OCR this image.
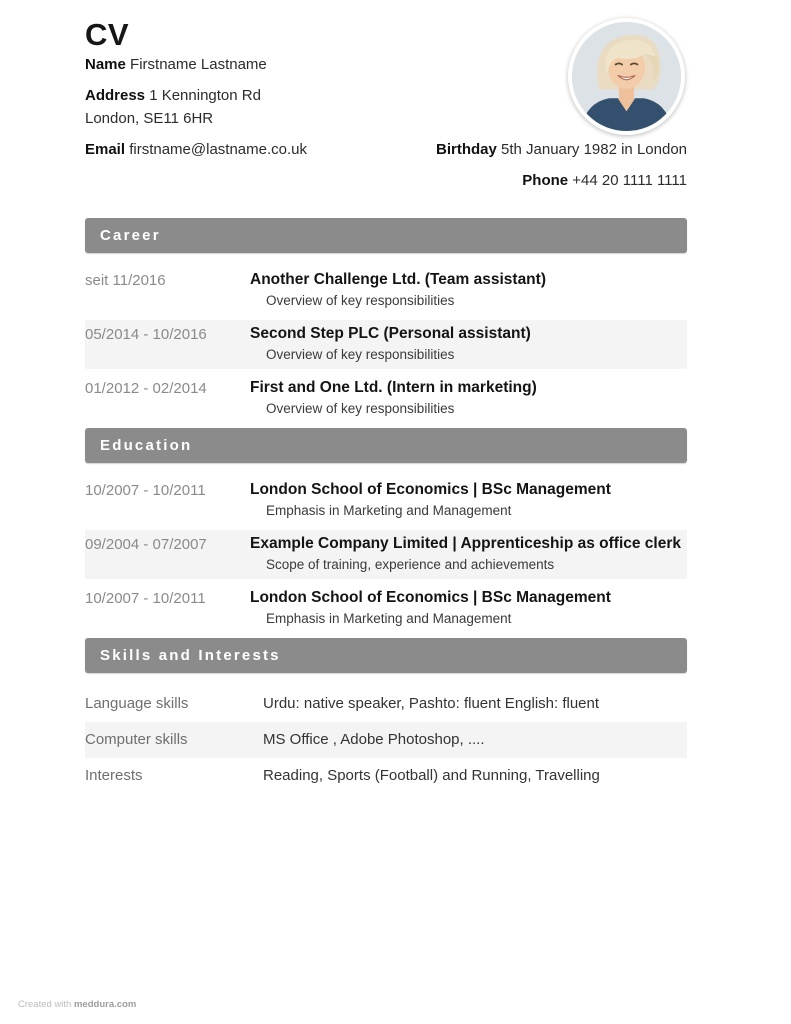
CV
Name Firstname Lastname
Address 1 Kennington Rd
London, SE11 6HR
Email firstname@lastname.co.uk	Birthday 5th January 1982 in London
Phone +44 20 1111 1111
Career
seit 11/2016	Another Challenge Ltd. (Team assistant)
Overview of key responsibilities
05/2014 - 10/2016	Second Step PLC (Personal assistant)
Overview of key responsibilities
01/2012 - 02/2014	First and One Ltd. (Intern in marketing)
Overview of key responsibilities
Education
10/2007 - 10/2011	London School of Economics | BSc Management
Emphasis in Marketing and Management
09/2004 - 07/2007	Example Company Limited | Apprenticeship as office clerk
Scope of training, experience and achievements
10/2007 - 10/2011	London School of Economics | BSc Management
Emphasis in Marketing and Management
Skills and Interests
Language skills	Urdu: native speaker, Pashto: fluent English: fluent
Computer skills	MS Office , Adobe Photoshop, ....
Interests	Reading, Sports (Football) and Running, Travelling
Created with meddura.com
